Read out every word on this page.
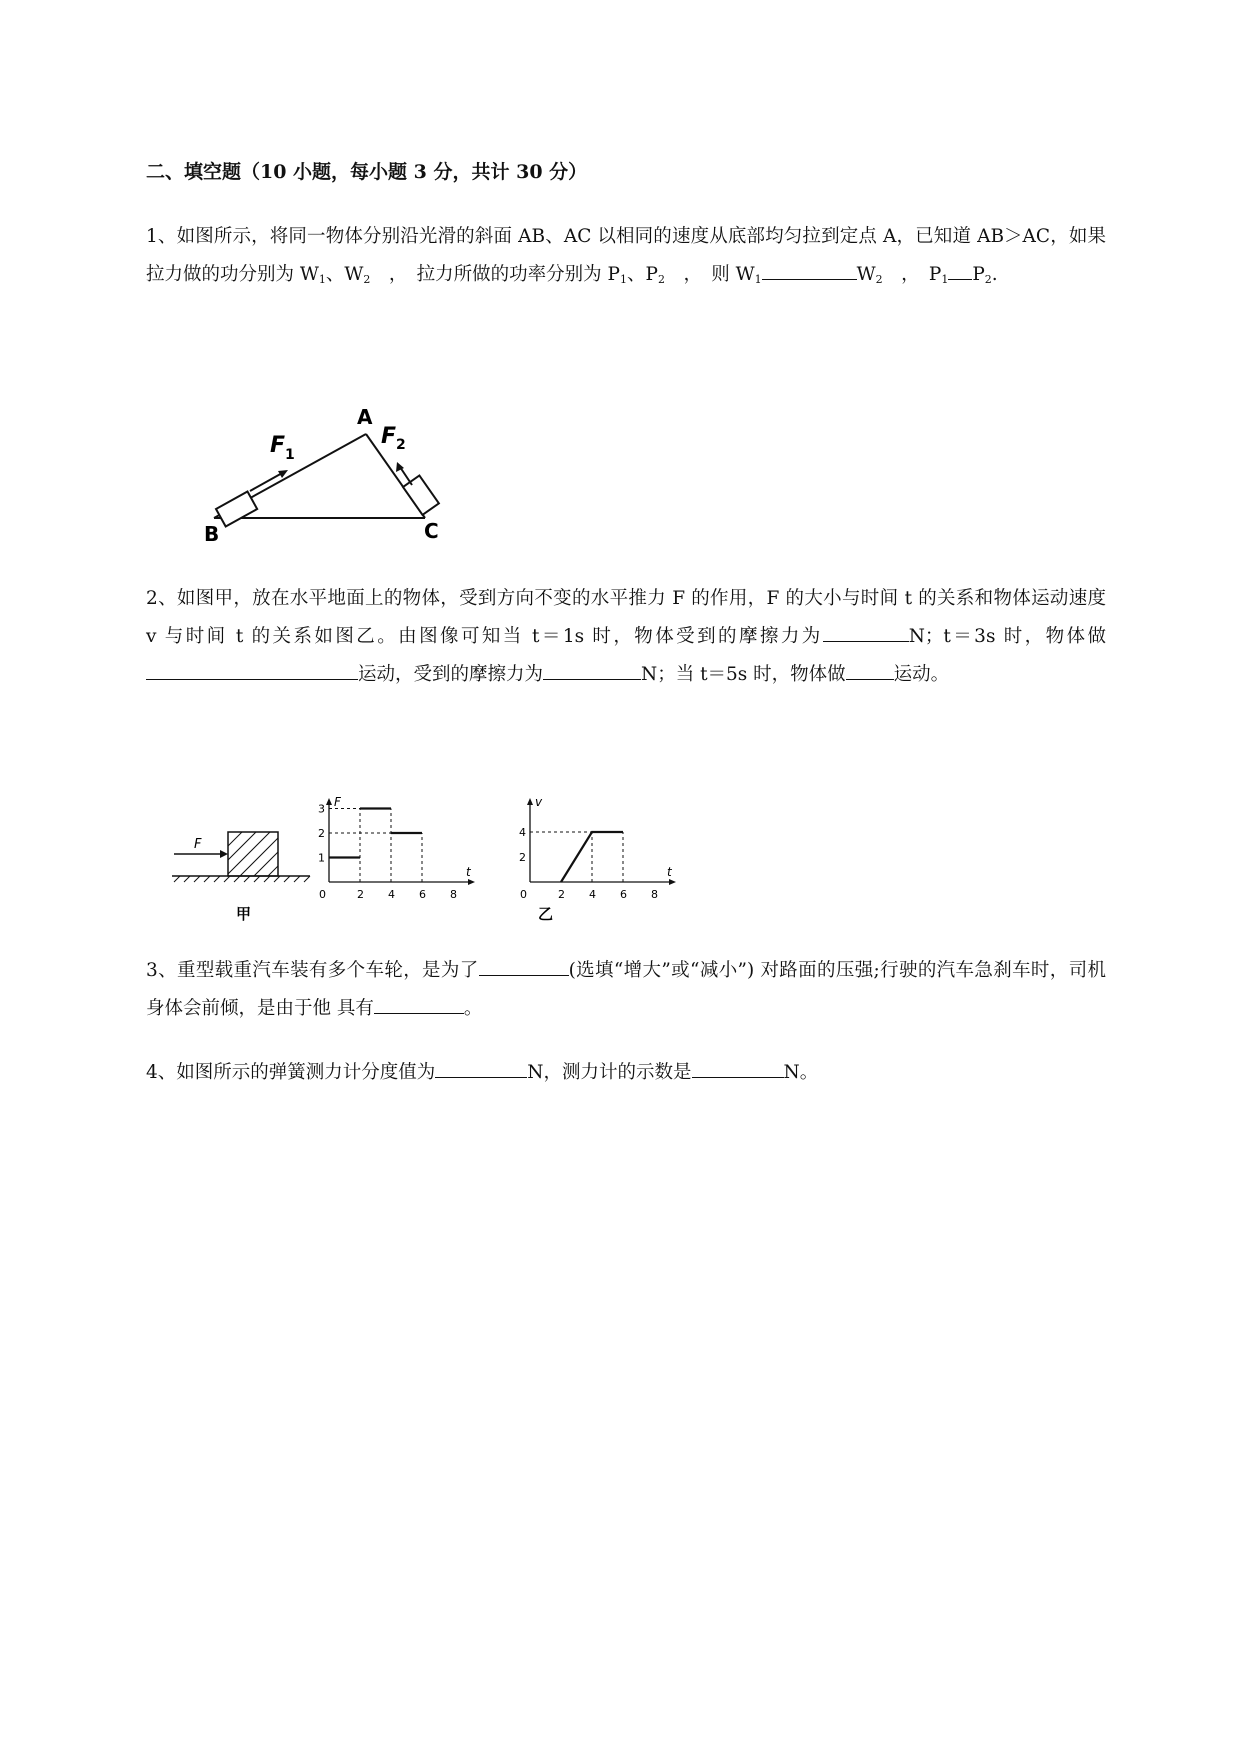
二、填空题（10 小题，每小题 3 分，共计 30 分）
1、如图所示，将同一物体分别沿光滑的斜面 AB、AC 以相同的速度从底部均匀拉到定点 A，已知道 AB＞AC，如果拉力做的功分别为 $W_1$、$W_2$　，　拉力所做的功率分别为 $P_1$、$P_2$　，　则 $W_1$	$W_2$　，　$P_1$ $P_2$.
A
B	C
F 1
F 2
2、如图甲，放在水平地面上的物体，受到方向不变的水平推力 F 的作用，F 的大小与时间 t 的关系和物体运动速度 v 与时间 t 的关系如图乙。由图像可知当 t＝1s 时，物体受到的摩擦力为	N；t＝3s 时，物体做运动，受到的摩擦力为	N；当 t＝5s 时，物体做	运动。
F
甲	乙
t
F
0	2 4 6 8
1
2
3
t
v
0	2 4 6 8
2
4
3、重型载重汽车装有多个车轮，是为了	(选填“增大”或“减小”) 对路面的压强;行驶的汽车急刹车时，司机身体会前倾，是由于他 具有	。
4、如图所示的弹簧测力计分度值为	N，测力计的示数是	N。
